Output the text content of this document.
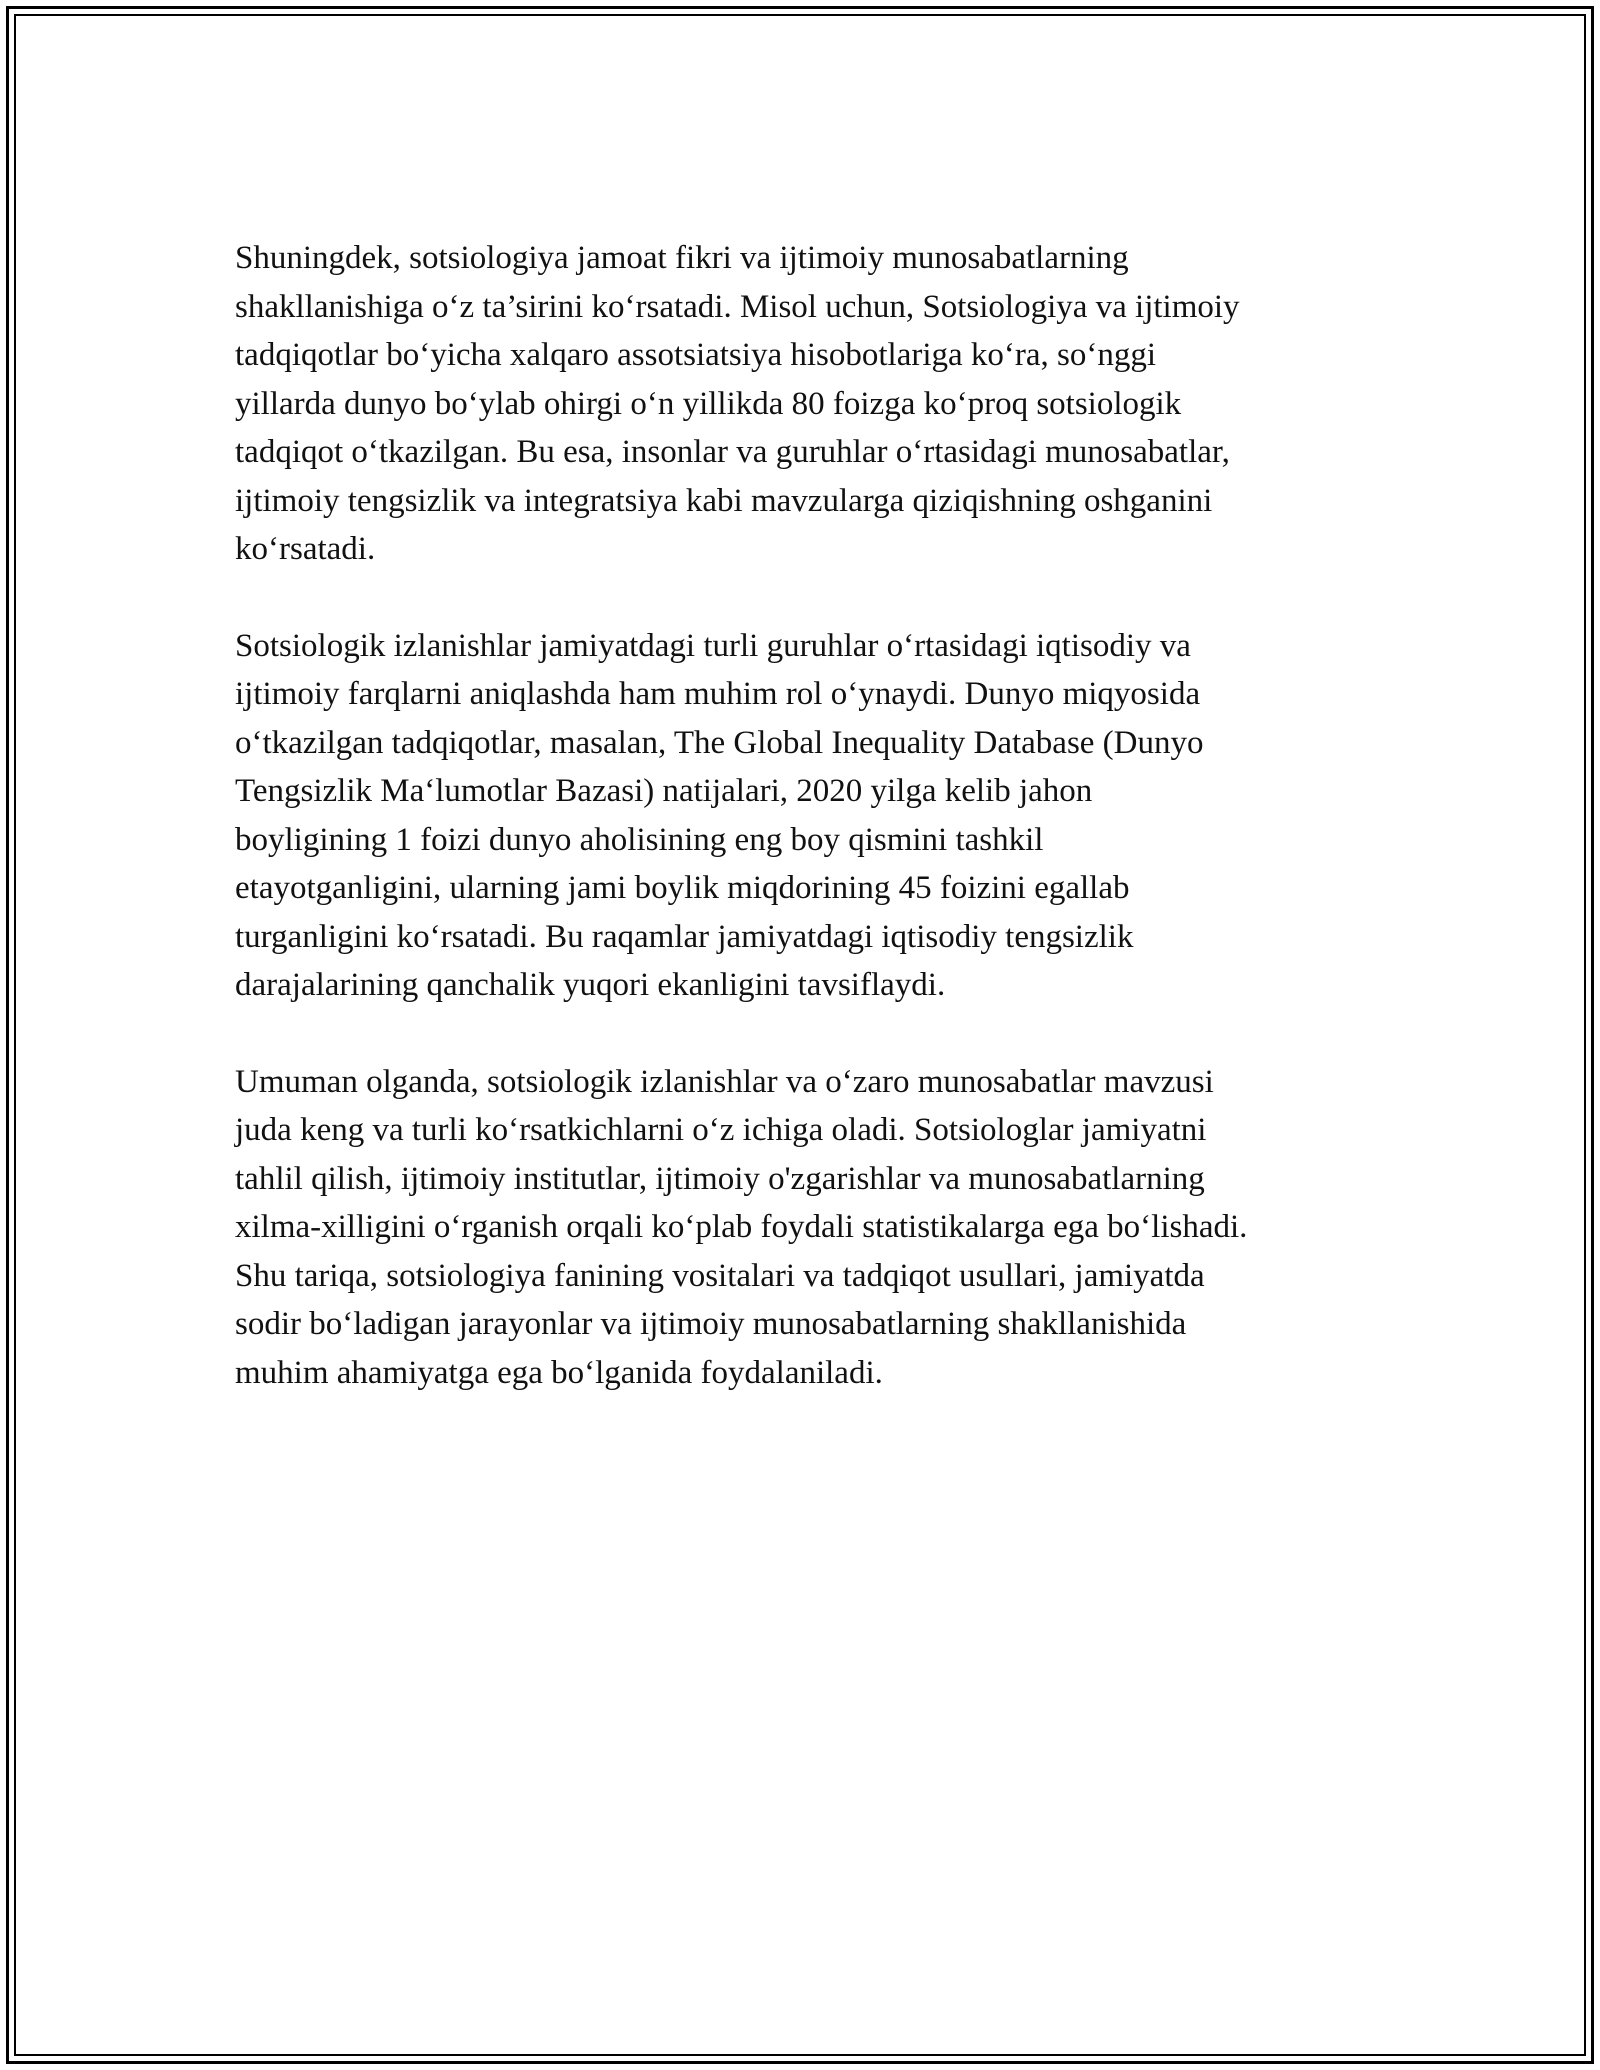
Shuningdek, sotsiologiya jamoat fikri va ijtimoiy munosabatlarning
shakllanishiga o‘z ta’sirini ko‘rsatadi. Misol uchun, Sotsiologiya va ijtimoiy
tadqiqotlar bo‘yicha xalqaro assotsiatsiya hisobotlariga ko‘ra, so‘nggi
yillarda dunyo bo‘ylab ohirgi o‘n yillikda 80 foizga ko‘proq sotsiologik
tadqiqot o‘tkazilgan. Bu esa, insonlar va guruhlar o‘rtasidagi munosabatlar,
ijtimoiy tengsizlik va integratsiya kabi mavzularga qiziqishning oshganini
ko‘rsatadi.

Sotsiologik izlanishlar jamiyatdagi turli guruhlar o‘rtasidagi iqtisodiy va
ijtimoiy farqlarni aniqlashda ham muhim rol o‘ynaydi. Dunyo miqyosida
o‘tkazilgan tadqiqotlar, masalan, The Global Inequality Database (Dunyo
Tengsizlik Ma‘lumotlar Bazasi) natijalari, 2020 yilga kelib jahon
boyligining 1 foizi dunyo aholisining eng boy qismini tashkil
etayotganligini, ularning jami boylik miqdorining 45 foizini egallab
turganligini ko‘rsatadi. Bu raqamlar jamiyatdagi iqtisodiy tengsizlik
darajalarining qanchalik yuqori ekanligini tavsiflaydi.

Umuman olganda, sotsiologik izlanishlar va o‘zaro munosabatlar mavzusi
juda keng va turli ko‘rsatkichlarni o‘z ichiga oladi. Sotsiologlar jamiyatni
tahlil qilish, ijtimoiy institutlar, ijtimoiy o'zgarishlar va munosabatlarning
xilma-xilligini o‘rganish orqali ko‘plab foydali statistikalarga ega bo‘lishadi.
Shu tariqa, sotsiologiya fanining vositalari va tadqiqot usullari, jamiyatda
sodir bo‘ladigan jarayonlar va ijtimoiy munosabatlarning shakllanishida
muhim ahamiyatga ega bo‘lganida foydalaniladi.
